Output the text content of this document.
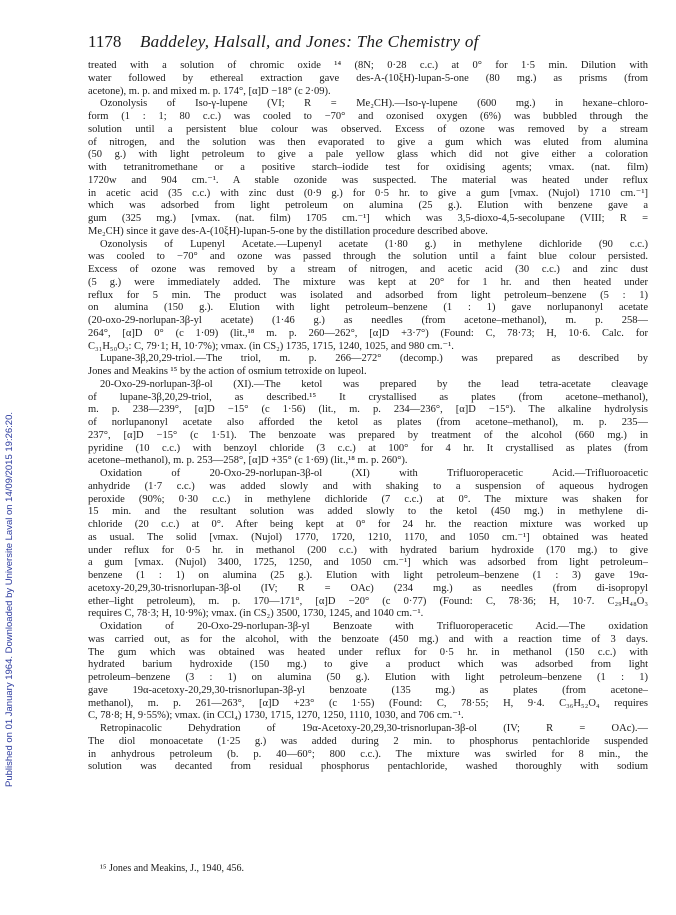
1178 Baddeley, Halsall, and Jones: The Chemistry of
Published on 01 January 1964. Downloaded by Universite Laval on 14/09/2015 19:26:20.
treated with a solution of chromic oxide ¹⁴ (8N; 0·28 c.c.) at 0° for 1·5 min. Dilution with
water followed by ethereal extraction gave des-A-(10ξH)-lupan-5-one (80 mg.) as prisms (from
acetone), m. p. and mixed m. p. 174°, [α]D −18° (c 2·09).
Ozonolysis of Iso-γ-lupene (VI; R = Me₂CH).—Iso-γ-lupene (600 mg.) in hexane–chloro-
form (1 : 1; 80 c.c.) was cooled to −70° and ozonised oxygen (6%) was bubbled through the
solution until a persistent blue colour was observed. Excess of ozone was removed by a stream
of nitrogen, and the solution was then evaporated to give a gum which was eluted from alumina
(50 g.) with light petroleum to give a pale yellow glass which did not give either a coloration
with tetranitromethane or a positive starch–iodide test for oxidising agents; νmax. (nat. film)
1720w and 904 cm.⁻¹. A stable ozonide was suspected. The material was heated under reflux
in acetic acid (35 c.c.) with zinc dust (0·9 g.) for 0·5 hr. to give a gum [νmax. (Nujol) 1710 cm.⁻¹]
which was adsorbed from light petroleum on alumina (25 g.). Elution with benzene gave a
gum (325 mg.) [νmax. (nat. film) 1705 cm.⁻¹] which was 3,5-dioxo-4,5-secolupane (VIII; R =
Me₂CH) since it gave des-A-(10ξH)-lupan-5-one by the distillation procedure described above.
Ozonolysis of Lupenyl Acetate.—Lupenyl acetate (1·80 g.) in methylene dichloride (90 c.c.)
was cooled to −70° and ozone was passed through the solution until a faint blue colour persisted.
Excess of ozone was removed by a stream of nitrogen, and acetic acid (30 c.c.) and zinc dust
(5 g.) were immediately added. The mixture was kept at 20° for 1 hr. and then heated under
reflux for 5 min. The product was isolated and adsorbed from light petroleum–benzene (5 : 1)
on alumina (150 g.). Elution with light petroleum–benzene (1 : 1) gave norlupanonyl acetate
(20-oxo-29-norlupan-3β-yl acetate) (1·46 g.) as needles (from acetone–methanol), m. p. 258—
264°, [α]D 0° (c 1·09) (lit.,¹⁸ m. p. 260—262°, [α]D +3·7°) (Found: C, 78·73; H, 10·6. Calc. for
C₃₁H₅₀O₃: C, 79·1; H, 10·7%); νmax. (in CS₂) 1735, 1715, 1240, 1025, and 980 cm.⁻¹.
Lupane-3β,20,29-triol.—The triol, m. p. 266—272° (decomp.) was prepared as described by
Jones and Meakins ¹⁵ by the action of osmium tetroxide on lupeol.
20-Oxo-29-norlupan-3β-ol (XI).—The ketol was prepared by the lead tetra-acetate cleavage
of lupane-3β,20,29-triol, as described.¹⁵ It crystallised as plates (from acetone–methanol),
m. p. 238—239°, [α]D −15° (c 1·56) (lit., m. p. 234—236°, [α]D −15°). The alkaline hydrolysis
of norlupanonyl acetate also afforded the ketol as plates (from acetone–methanol), m. p. 235—
237°, [α]D −15° (c 1·51). The benzoate was prepared by treatment of the alcohol (660 mg.) in
pyridine (10 c.c.) with benzoyl chloride (3 c.c.) at 100° for 4 hr. It crystallised as plates (from
acetone–methanol), m. p. 253—258°, [α]D +35° (c 1·69) (lit.,¹⁸ m. p. 260°).
Oxidation of 20-Oxo-29-norlupan-3β-ol (XI) with Trifluoroperacetic Acid.—Trifluoroacetic
anhydride (1·7 c.c.) was added slowly and with shaking to a suspension of aqueous hydrogen
peroxide (90%; 0·30 c.c.) in methylene dichloride (7 c.c.) at 0°. The mixture was shaken for
15 min. and the resultant solution was added slowly to the ketol (450 mg.) in methylene di-
chloride (20 c.c.) at 0°. After being kept at 0° for 24 hr. the reaction mixture was worked up
as usual. The solid [νmax. (Nujol) 1770, 1720, 1210, 1170, and 1050 cm.⁻¹] obtained was heated
under reflux for 0·5 hr. in methanol (200 c.c.) with hydrated barium hydroxide (170 mg.) to give
a gum [νmax. (Nujol) 3400, 1725, 1250, and 1050 cm.⁻¹] which was adsorbed from light petroleum–
benzene (1 : 1) on alumina (25 g.). Elution with light petroleum–benzene (1 : 3) gave 19α-
acetoxy-20,29,30-trisnorlupan-3β-ol (IV; R = OAc) (234 mg.) as needles (from di-isopropyl
ether–light petroleum), m. p. 170—171°, [α]D −20° (c 0·77) (Found: C, 78·36; H, 10·7. C₂₉H₄₈O₃
requires C, 78·3; H, 10·9%); νmax. (in CS₂) 3500, 1730, 1245, and 1040 cm.⁻¹.
Oxidation of 20-Oxo-29-norlupan-3β-yl Benzoate with Trifluoroperacetic Acid.—The oxidation
was carried out, as for the alcohol, with the benzoate (450 mg.) and with a reaction time of 3 days.
The gum which was obtained was heated under reflux for 0·5 hr. in methanol (150 c.c.) with
hydrated barium hydroxide (150 mg.) to give a product which was adsorbed from light
petroleum–benzene (3 : 1) on alumina (50 g.). Elution with light petroleum–benzene (1 : 1)
gave 19α-acetoxy-20,29,30-trisnorlupan-3β-yl benzoate (135 mg.) as plates (from acetone–
methanol), m. p. 261—263°, [α]D +23° (c 1·55) (Found: C, 78·55; H, 9·4. C₃₆H₅₂O₄ requires
C, 78·8; H, 9·55%); νmax. (in CCl₄) 1730, 1715, 1270, 1250, 1110, 1030, and 706 cm.⁻¹.
Retropinacolic Dehydration of 19α-Acetoxy-20,29,30-trisnorlupan-3β-ol (IV; R = OAc).—
The diol monoacetate (1·25 g.) was added during 2 min. to phosphorus pentachloride suspended
in anhydrous petroleum (b. p. 40—60°; 800 c.c.). The mixture was swirled for 8 min., the
solution was decanted from residual phosphorus pentachloride, washed thoroughly with sodium
¹⁵ Jones and Meakins, J., 1940, 456.
